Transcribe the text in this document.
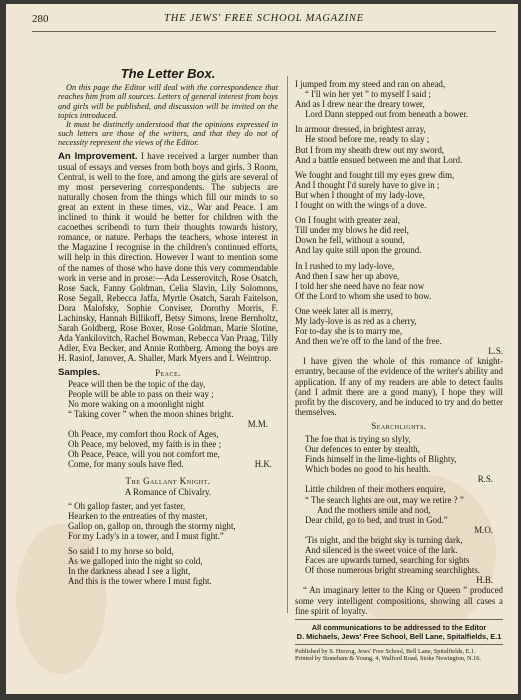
280	THE JEWS' FREE SCHOOL MAGAZINE
The Letter Box.

On this page the Editor will deal with the correspondence that reaches him from all sources. Letters of general interest from boys and girls will be published, and discussion will be invited on the topics introduced.

It must be distinctly understood that the opinions expressed in such letters are those of the writers, and that they do not of necessity represent the views of the Editor.

An Improvement. I have received a larger number than usual of essays and verses from both boys and girls. 3 Room, Central, is well to the fore, and among the girls are several of my most persevering correspondents. The subjects are naturally chosen from the things which fill our minds to so great an extent in these times, viz., War and Peace. I am inclined to think it would be better for children with the cacoethes scribendi to turn their thoughts towards history, romance, or nature. Perhaps the teachers, whose interest in the Magazine I recognise in the children's continued efforts, will help in this direction. However I want to mention some of the names of those who have done this very commendable work in verse and in prose:—Ada Lesserovitch, Rose Osatch, Rose Sack, Fanny Goldman, Celia Slavin, Lily Solomons, Rose Segall, Rebecca Jaffa, Myrtle Osatch, Sarah Faitelson, Dora Malofsky, Sophie Conviser, Dorothy Morris, F. Lachinsky, Hannah Billikoff, Betsy Simons, Irene Bernholtz, Sarah Goldberg, Rose Boxer, Rose Goldman, Marie Slotine, Ada Yankilovitch, Rachel Bowman, Rebecca Van Praag, Tilly Adler, Eva Becker, and Annie Rothberg. Among the boys are H. Rasiof, Janover, A. Shaller, Mark Myers and I. Weintrop.

Samples.	Peace.
Peace will then be the topic of the day,
People will be able to pass on their way ;
No more waking on a moonlight night
“ Taking cover ” when the moon shines bright.
M.M.
Oh Peace, my comfort thou Rock of Ages,
Oh Peace, my beloved, my faith is in thee ;
Oh Peace, Peace, will you not comfort me,
Come, for many souls have fled.	H.K.
The Gallant Knight.
A Romance of Chivalry.
“ Oh gallop faster, and yet faster,
Hearken to the entreaties of thy master,
Gallop on, gallop on, through the stormy night,
For my Lady's in a tower, and I must fight.”
So said I to my horse so bold,
As we galloped into the night so cold,
In the darkness ahead I see a light,
And this is the tower where I must fight.
I jumped from my steed and ran on ahead,
“ I'll win her yet ” to myself I said ;
And as I drew near the dreary tower,
Lord Dann stepped out from beneath a bower.
In armour dressed, in brightest array,
He stood before me, ready to slay ;
But I from my sheath drew out my sword,
And a battle ensued between me and that Lord.
We fought and fought till my eyes grew dim,
And I thought I'd surely have to give in ;
But when I thought of my lady-love,
I fought on with the wings of a dove.
On I fought with greater zeal,
Till under my blows he did reel,
Down he fell, without a sound,
And lay quite still upon the ground.
In I rushed to my lady-love,
And then I saw her up above,
I told her she need have no fear now
Of the Lord to whom she used to bow.
One week later all is merry,
My lady-love is as red as a cherry,
For to-day she is to marry me,
And then we're off to the land of the free.
L.S.

I have given the whole of this romance of knight-errantry, because of the evidence of the writer's ability and application. If any of my readers are able to detect faults (and I admit there are a good many), I hope they will profit by the discovery, and be induced to try and do better themselves.

Searchlights.
The foe that is trying so slyly,
Our defences to enter by stealth,
Finds himself in the lime-lights of Blighty,
Which bodes no good to his health.
R.S.
Little children of their mothers enquire,
“ The search lights are out, may we retire ? ”
And the mothers smile and nod,
Dear child, go to bed, and trust in God.”
M.O.
'Tis night, and the bright sky is turning dark,
And silenced is the sweet voice of the lark.
Faces are upwards turned, searching for sights
Of those numerous bright streaming searchlights.
H.B.

“ An imaginary letter to the King or Queen ” produced some very intelligent compositions, showing all cases a fine spirit of loyalty.

All communications to be addressed to the Editor
D. Michaels, Jews' Free School, Bell Lane, Spitalfields, E.1
Published by S. Herzog, Jews' Free School, Bell Lane, Spitalfields, E.1.
Printed by Stoneham & Young, 4, Walford Road, Stoke Newington, N.16.
